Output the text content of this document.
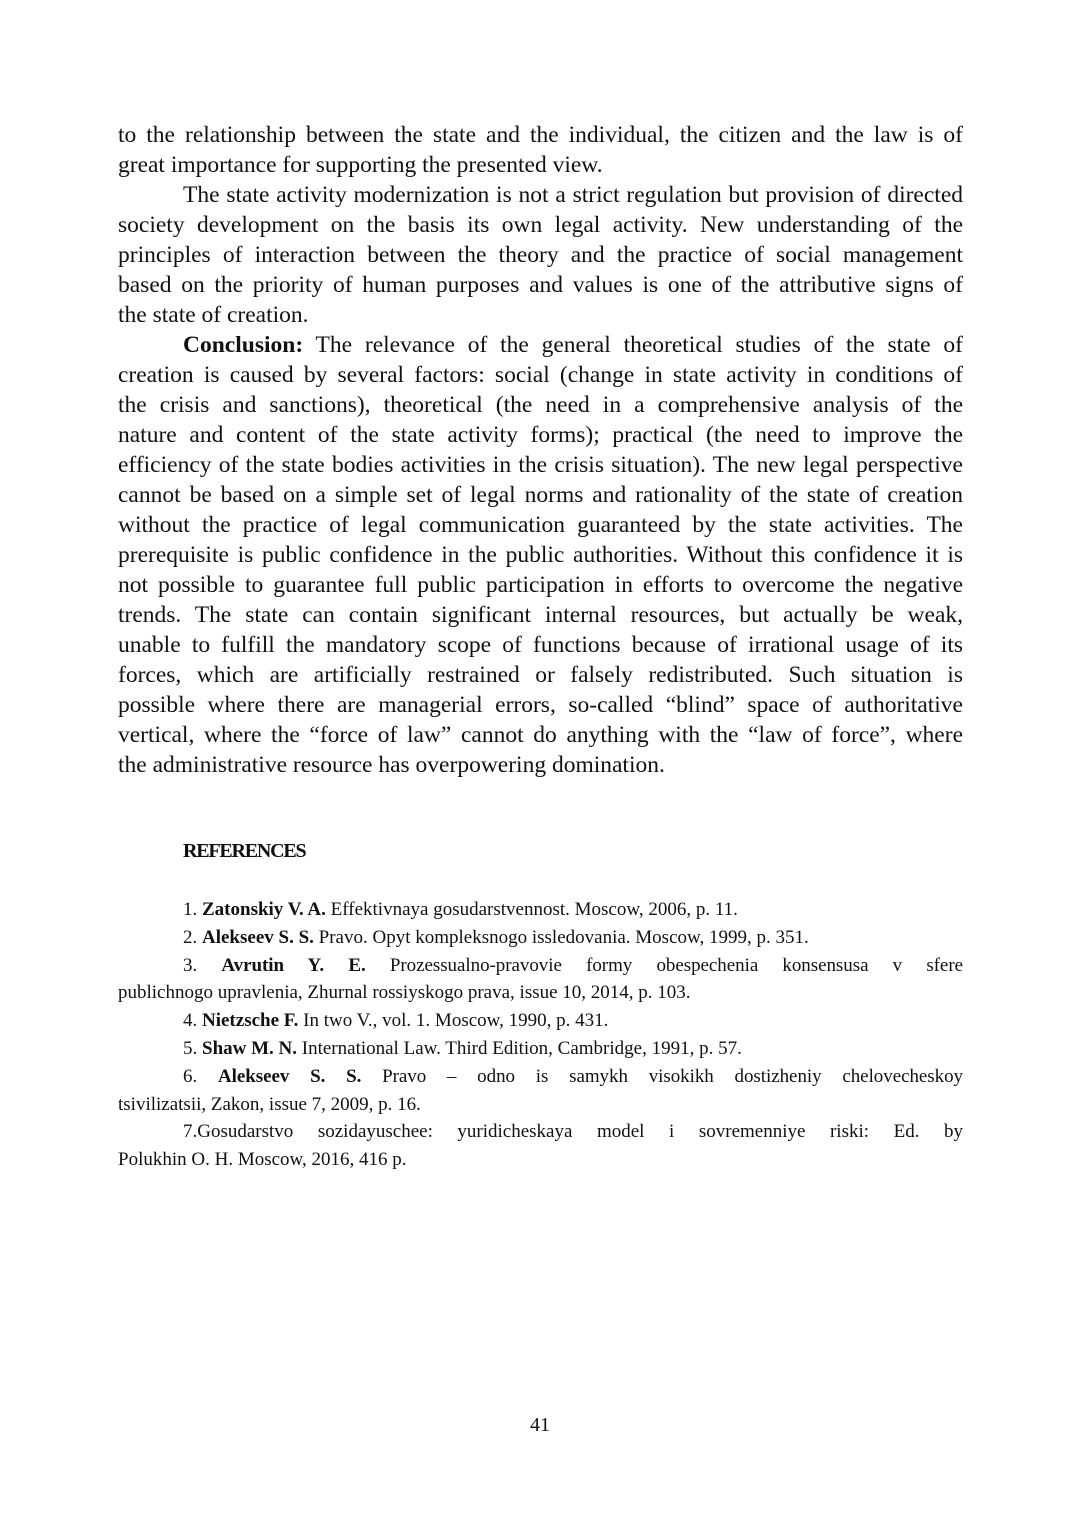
to the relationship between the state and the individual, the citizen and the law is of
great importance for supporting the presented view.
The state activity modernization is not a strict regulation but provision of directed
society development on the basis its own legal activity. New understanding of the
principles of interaction between the theory and the practice of social management
based on the priority of human purposes and values is one of the attributive signs of
the state of creation.
Conclusion: The relevance of the general theoretical studies of the state of
creation is caused by several factors: social (change in state activity in conditions of
the crisis and sanctions), theoretical (the need in a comprehensive analysis of the
nature and content of the state activity forms); practical (the need to improve the
efficiency of the state bodies activities in the crisis situation). The new legal perspective
cannot be based on a simple set of legal norms and rationality of the state of creation
without the practice of legal communication guaranteed by the state activities. The
prerequisite is public confidence in the public authorities. Without this confidence it is
not possible to guarantee full public participation in efforts to overcome the negative
trends. The state can contain significant internal resources, but actually be weak,
unable to fulfill the mandatory scope of functions because of irrational usage of its
forces, which are artificially restrained or falsely redistributed. Such situation is
possible where there are managerial errors, so-called “blind” space of authoritative
vertical, where the “force of law” cannot do anything with the “law of force”, where
the administrative resource has overpowering domination.
REFERENCES
1. Zatonskiy V. A. Effektivnaya gosudarstvennost. Moscow, 2006, p. 11.
2. Alekseev S. S. Pravo. Opyt kompleksnogo issledovania. Moscow, 1999, p. 351.
3. Avrutin Y. E. Prozessualno-pravovie formy obespechenia konsensusa v sfere
publichnogo upravlenia, Zhurnal rossiyskogo prava, issue 10, 2014, p. 103.
4. Nietzsche F. In two V., vol. 1. Moscow, 1990, p. 431.
5. Shaw M. N. International Law. Third Edition, Cambridge, 1991, p. 57.
6. Alekseev S. S. Pravo – odno is samykh visokikh dostizheniy chelovecheskoy
tsivilizatsii, Zakon, issue 7, 2009, p. 16.
7.Gosudarstvo sozidayuschee: yuridicheskaya model i sovremenniye riski: Ed. by
Polukhin O. H. Moscow, 2016, 416 p.
41
